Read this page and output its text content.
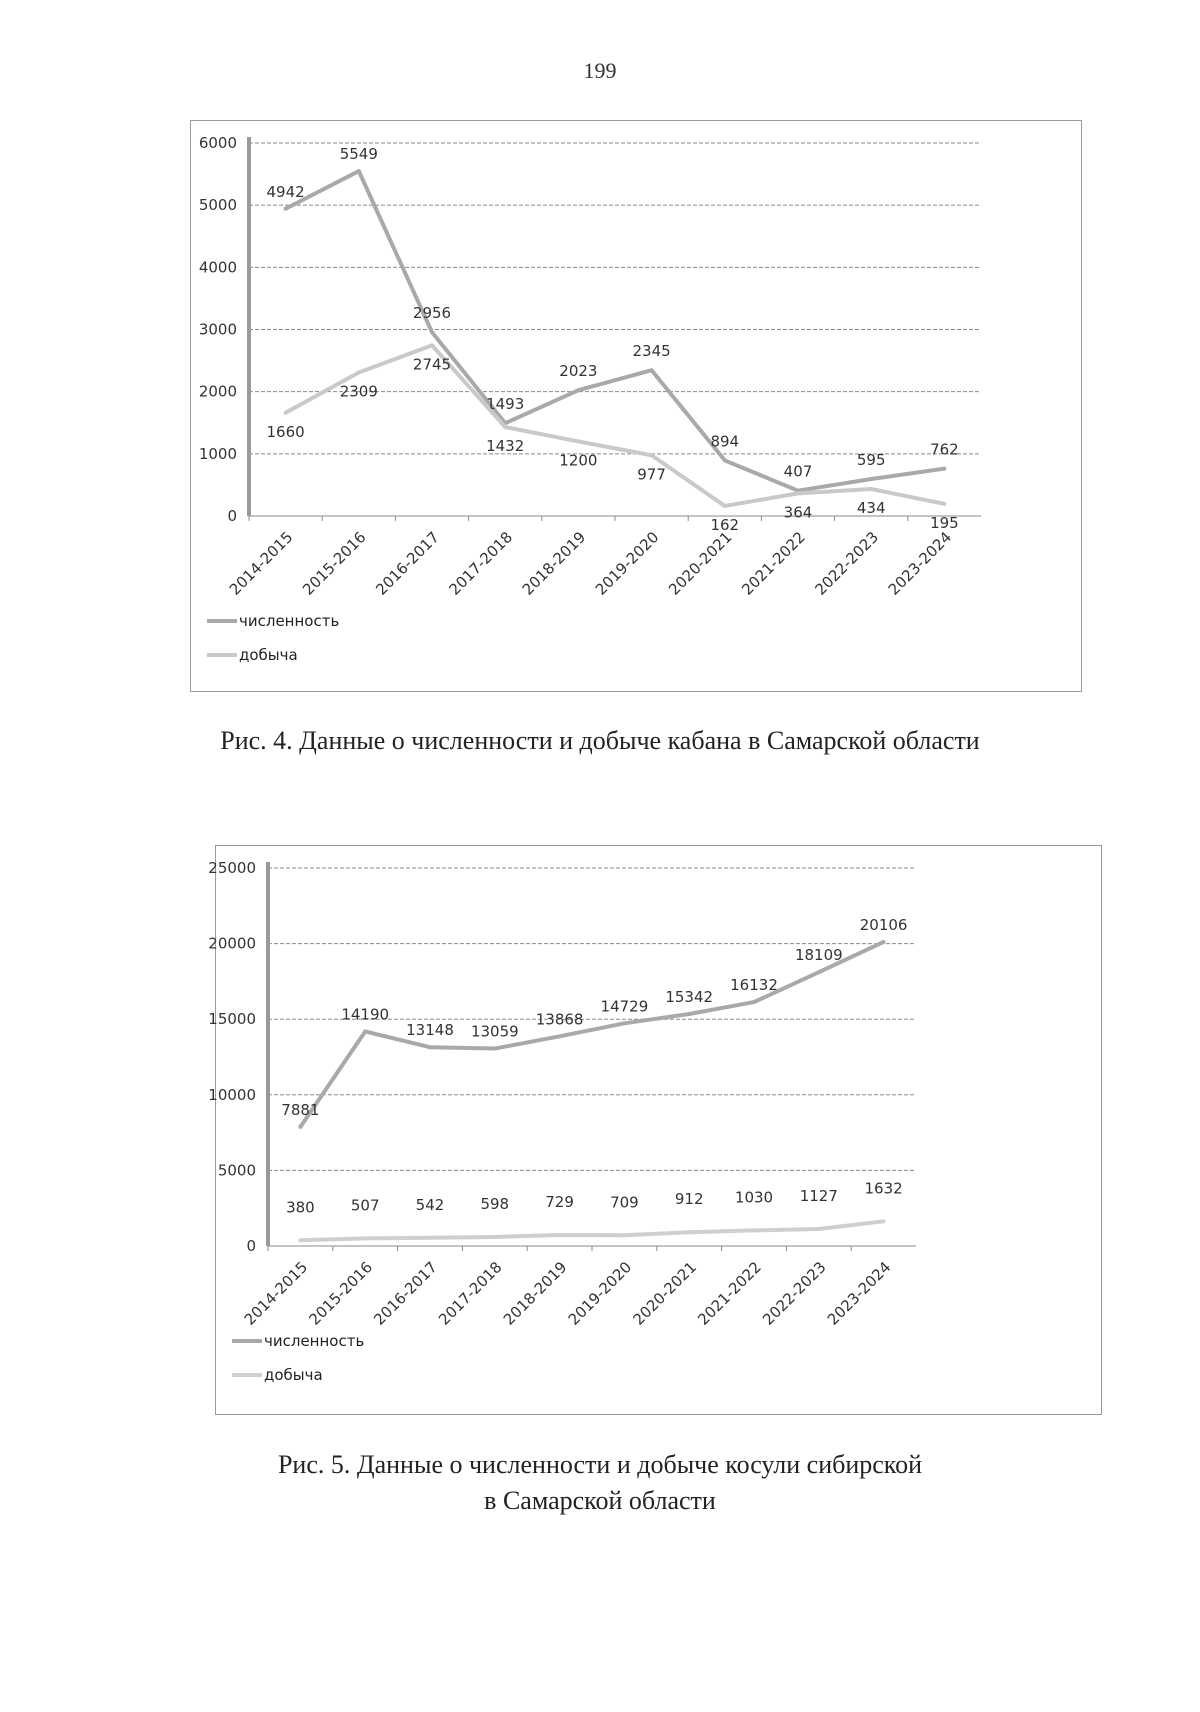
199
0
1000
2000
3000
4000
5000
6000
2014-2015 2015-2016 2016-2017 2017-2018 2018-2019 2019-2020 2020-2021 2021-2022 2022-2023 2023-2024
4942
5549
2956
1493
2023
2345
894
407
595
762
1660
2309
2745
1432
1200
977
162
364	434
195
численность
добыча
Рис. 4. Данные о численности и добыче кабана в Самарской области
0
5000
10000
15000
20000
25000
2014-2015
2015-2016
2016-2017
2017-2018
2018-2019
2019-2020
2020-2021
2021-2022
2022-2023
2023-2024
7881
14190
13148 13059
13868
14729
15342
16132
18109
20106
380 507 542 598 729 709 912 1030 1127 1632
численность
добыча
Рис. 5. Данные о численности и добыче косули сибирской
в Самарской области
